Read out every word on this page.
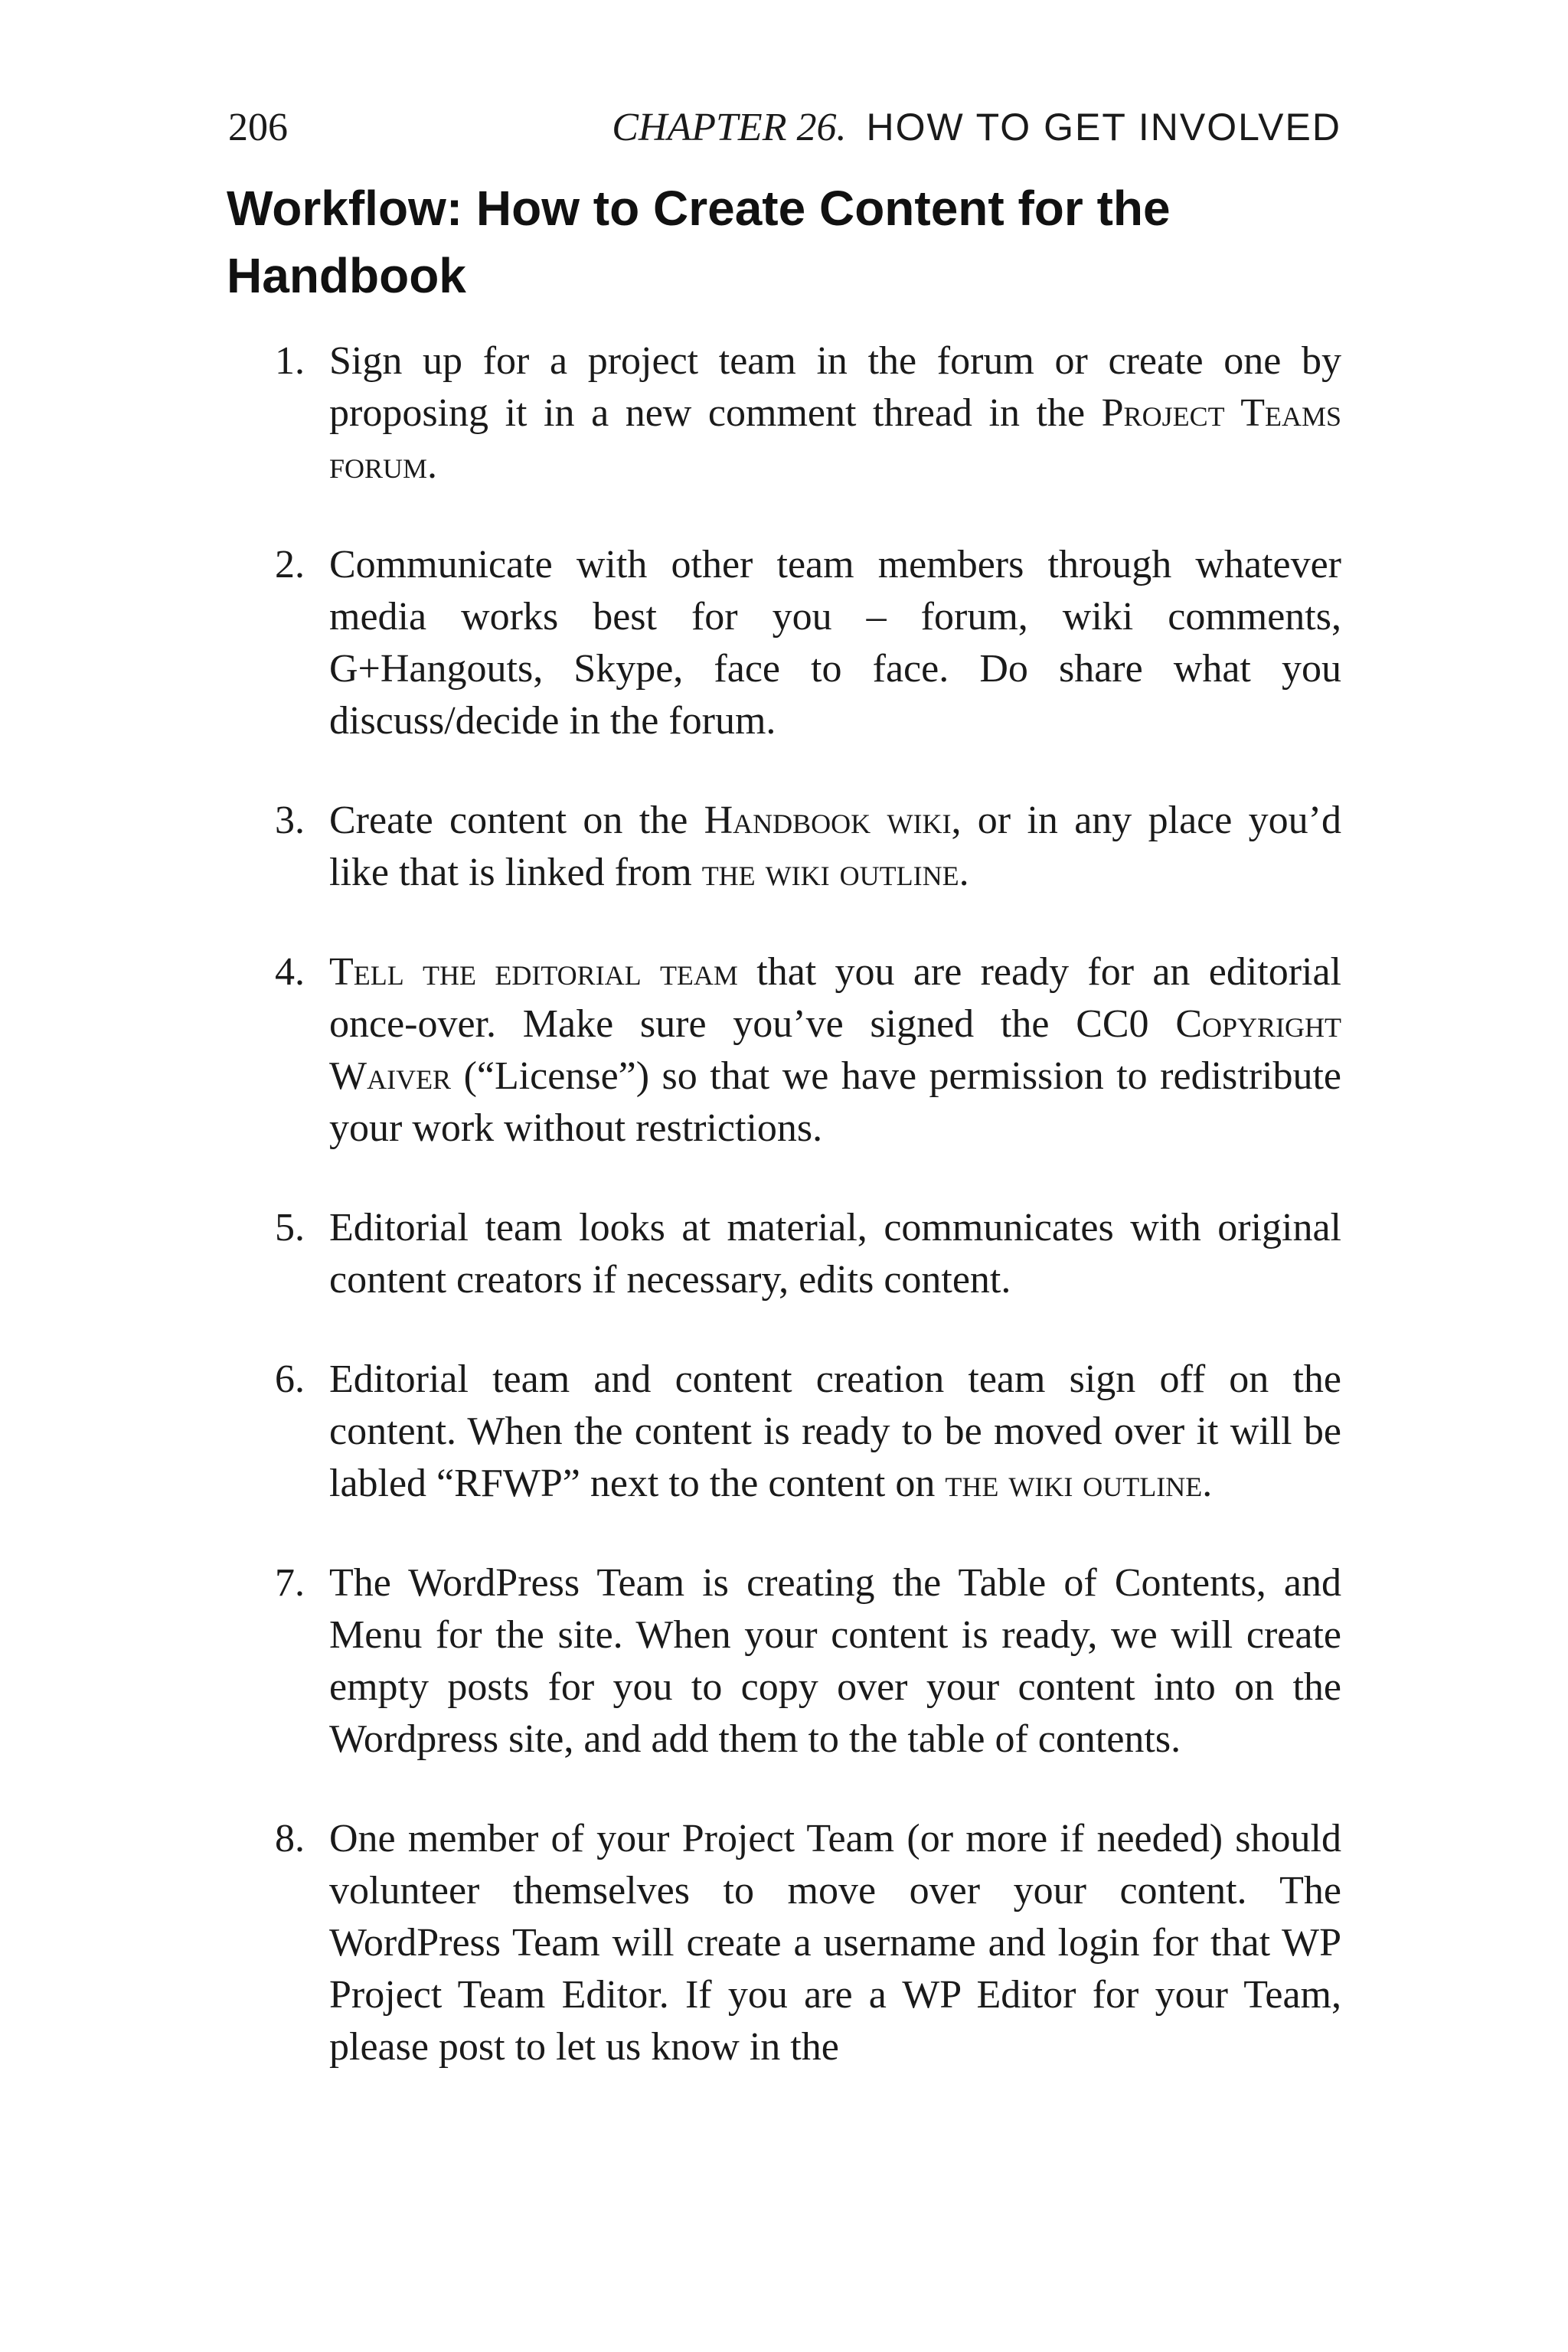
206	CHAPTER 26. HOW TO GET INVOLVED
Workflow: How to Create Content for the Handbook
1. Sign up for a project team in the forum or create one by proposing it in a new comment thread in the Project Teams forum.

2. Communicate with other team members through whatever media works best for you – forum, wiki comments, G+Hangouts, Skype, face to face. Do share what you discuss/decide in the forum.

3. Create content on the Handbook wiki, or in any place you’d like that is linked from the wiki outline.

4. Tell the editorial team that you are ready for an editorial once-over. Make sure you’ve signed the CC0 Copyright Waiver (“License”) so that we have permission to redistribute your work without restrictions.

5. Editorial team looks at material, communicates with original content creators if necessary, edits content.

6. Editorial team and content creation team sign off on the content. When the content is ready to be moved over it will be labled “RFWP” next to the content on the wiki outline.

7. The WordPress Team is creating the Table of Contents, and Menu for the site. When your content is ready, we will create empty posts for you to copy over your content into on the Wordpress site, and add them to the table of contents.

8. One member of your Project Team (or more if needed) should volunteer themselves to move over your content. The WordPress Team will create a username and login for that WP Project Team Editor. If you are a WP Editor for your Team, please post to let us know in the
